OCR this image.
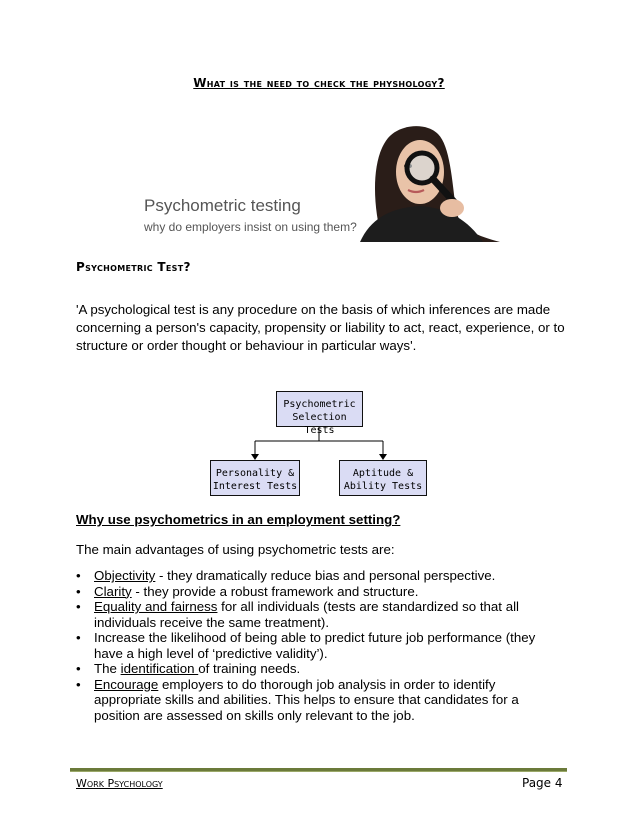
What is the need to check the physhology?
Psychometric testing
why do employers insist on using them?
Psychometric Test?
'A psychological test is any procedure on the basis of which inferences are made concerning a person's capacity, propensity or liability to act, react, experience, or to structure or order thought or behaviour in particular ways'.
Psychometric
Selection Tests
Personality &
Interest Tests
Aptitude &
Ability Tests
Why use psychometrics in an employment setting?
The main advantages of using psychometric tests are:
• Objectivity - they dramatically reduce bias and personal perspective.
• Clarity - they provide a robust framework and structure.
• Equality and fairness for all individuals (tests are standardized so that all individuals receive the same treatment).
• Increase the likelihood of being able to predict future job performance (they have a high level of ‘predictive validity’).
• The identification of training needs.
• Encourage employers to do thorough job analysis in order to identify appropriate skills and abilities. This helps to ensure that candidates for a position are assessed on skills only relevant to the job.
Work Psychology	Page 4
